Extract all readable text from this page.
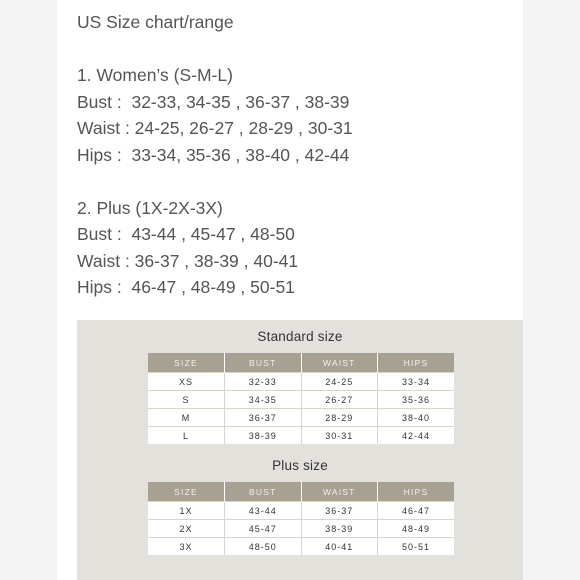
US Size chart/range
1. Women’s (S-M-L)
Bust :  32-33, 34-35 , 36-37 , 38-39
Waist : 24-25, 26-27 , 28-29 , 30-31
Hips :  33-34, 35-36 , 38-40 , 42-44
2. Plus (1X-2X-3X)
Bust :  43-44 , 45-47 , 48-50
Waist : 36-37 , 38-39 , 40-41
Hips :  46-47 , 48-49 , 50-51
Standard size
SIZE	BUST	WAIST	HIPS
XS	32-33	24-25	33-34
S	34-35	26-27	35-36
M	36-37	28-29	38-40
L	38-39	30-31	42-44
Plus size
SIZE	BUST	WAIST	HIPS
1X	43-44	36-37	46-47
2X	45-47	38-39	48-49
3X	48-50	40-41	50-51
